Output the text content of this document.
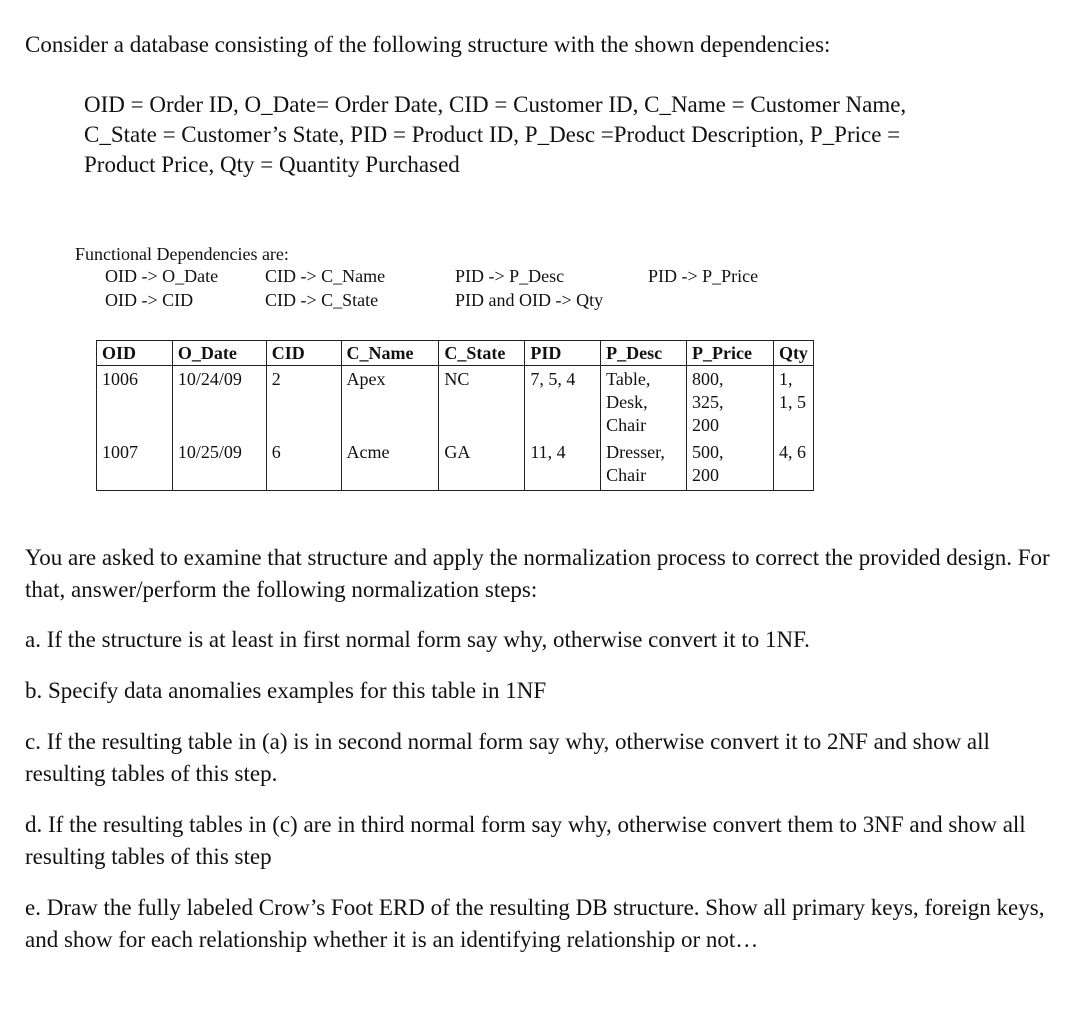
Consider a database consisting of the following structure with the shown dependencies:
OID = Order ID, O_Date= Order Date, CID = Customer ID, C_Name = Customer Name,
C_State = Customer’s State, PID = Product ID, P_Desc =Product Description, P_Price =
Product Price, Qty = Quantity Purchased
Functional Dependencies are:
OID -> O_Date	CID -> C_Name	PID -> P_Desc	PID -> P_Price
OID -> CID	CID -> C_State	PID and OID -> Qty
OID	O_Date	CID	C_Name	C_State	PID	P_Desc	P_Price	Qty
1006	10/24/09	2	Apex	NC	7, 5, 4	Table,
Desk,
Chair	800,
325,
200	1, 1, 5
1007	10/25/09	6	Acme	GA	11, 4	Dresser,
Chair	500,
200	4, 6
You are asked to examine that structure and apply the normalization process to correct the provided design. For that, answer/perform the following normalization steps:
a. If the structure is at least in first normal form say why, otherwise convert it to 1NF.
b. Specify data anomalies examples for this table in 1NF
c. If the resulting table in (a) is in second normal form say why, otherwise convert it to 2NF and show all resulting tables of this step.
d. If the resulting tables in (c) are in third normal form say why, otherwise convert them to 3NF and show all resulting tables of this step
e. Draw the fully labeled Crow’s Foot ERD of the resulting DB structure. Show all primary keys, foreign keys, and show for each relationship whether it is an identifying relationship or not…
